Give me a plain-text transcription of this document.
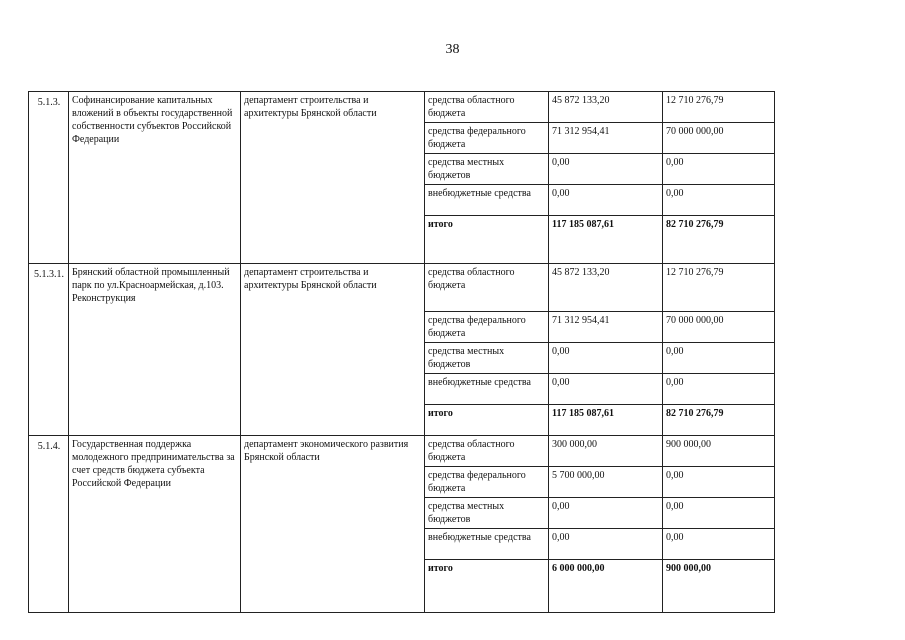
38
5.1.3.	Софинансирование капитальных вложений в объекты государственной собственности субъектов Российской Федерации	департамент строительства и архитектуры Брянской области	средства областного бюджета	45 872 133,20	12 710 276,79
			средства федерального бюджета	71 312 954,41	70 000 000,00
			средства местных бюджетов	0,00	0,00
			внебюджетные средства	0,00	0,00
			итого	117 185 087,61	82 710 276,79

5.1.3.1.	Брянский областной промышленный парк по ул.Красноармейская, д.103. Реконструкция	департамент строительства и архитектуры Брянской области	средства областного бюджета	45 872 133,20	12 710 276,79
			средства федерального бюджета	71 312 954,41	70 000 000,00
			средства местных бюджетов	0,00	0,00
			внебюджетные средства	0,00	0,00
			итого	117 185 087,61	82 710 276,79

5.1.4.	Государственная поддержка молодежного предпринимательства за счет средств бюджета субъекта Российской Федерации	департамент экономического развития Брянской области	средства областного бюджета	300 000,00	900 000,00
			средства федерального бюджета	5 700 000,00	0,00
			средства местных бюджетов	0,00	0,00
			внебюджетные средства	0,00	0,00
			итого	6 000 000,00	900 000,00
